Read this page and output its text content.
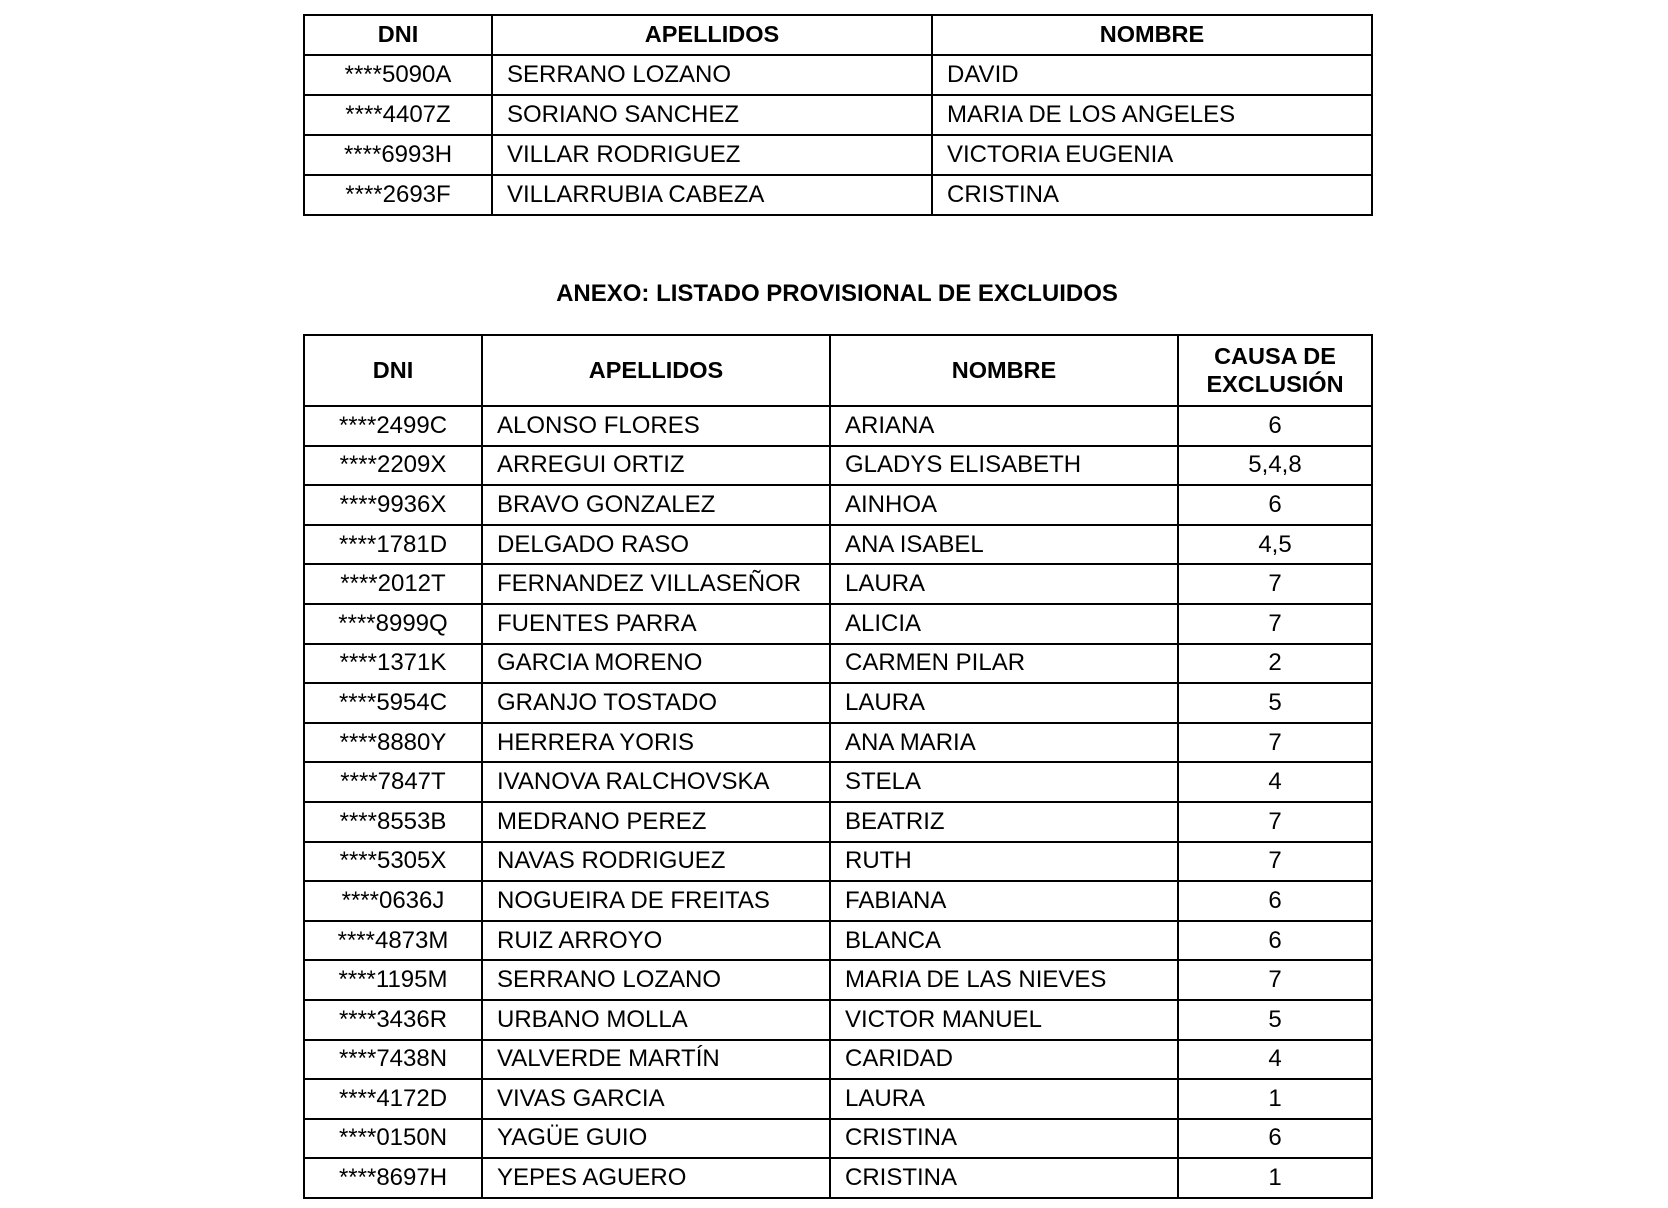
DNI	APELLIDOS	NOMBRE
****5090A	SERRANO LOZANO	DAVID
****4407Z	SORIANO SANCHEZ	MARIA DE LOS ANGELES
****6993H	VILLAR RODRIGUEZ	VICTORIA EUGENIA
****2693F	VILLARRUBIA CABEZA	CRISTINA
ANEXO: LISTADO PROVISIONAL DE EXCLUIDOS
DNI	APELLIDOS	NOMBRE	CAUSA DE
EXCLUSIÓN
****2499C	ALONSO FLORES	ARIANA	6
****2209X	ARREGUI ORTIZ	GLADYS ELISABETH	5,4,8
****9936X	BRAVO GONZALEZ	AINHOA	6
****1781D	DELGADO RASO	ANA ISABEL	4,5
****2012T	FERNANDEZ VILLASEÑOR	LAURA	7
****8999Q	FUENTES PARRA	ALICIA	7
****1371K	GARCIA MORENO	CARMEN PILAR	2
****5954C	GRANJO TOSTADO	LAURA	5
****8880Y	HERRERA YORIS	ANA MARIA	7
****7847T	IVANOVA RALCHOVSKA	STELA	4
****8553B	MEDRANO PEREZ	BEATRIZ	7
****5305X	NAVAS RODRIGUEZ	RUTH	7
****0636J	NOGUEIRA DE FREITAS	FABIANA	6
****4873M	RUIZ ARROYO	BLANCA	6
****1195M	SERRANO LOZANO	MARIA DE LAS NIEVES	7
****3436R	URBANO MOLLA	VICTOR MANUEL	5
****7438N	VALVERDE MARTÍN	CARIDAD	4
****4172D	VIVAS GARCIA	LAURA	1
****0150N	YAGÜE GUIO	CRISTINA	6
****8697H	YEPES AGUERO	CRISTINA	1
